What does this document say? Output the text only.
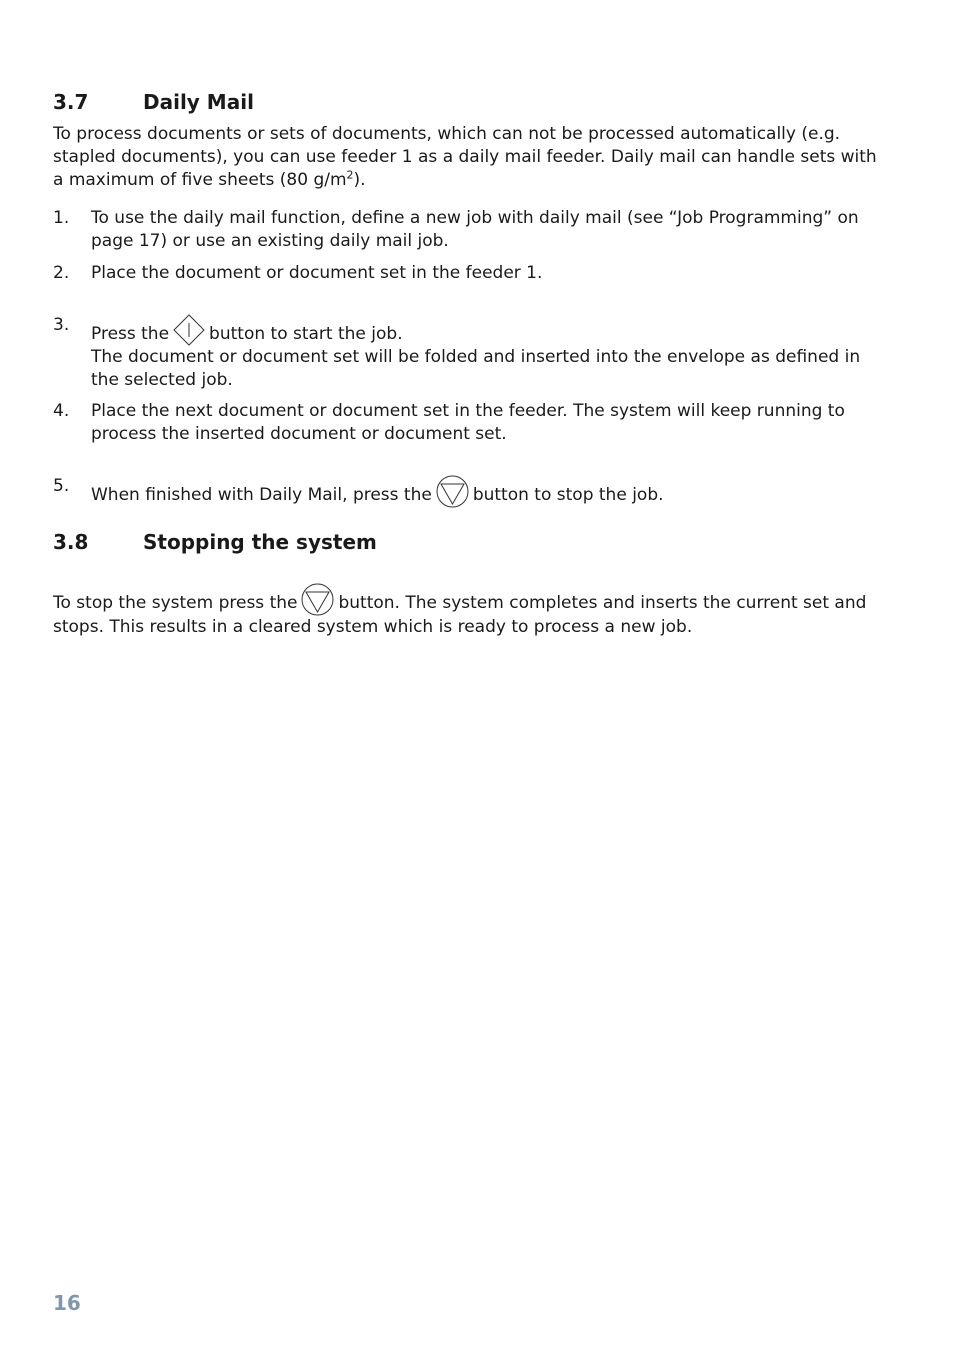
3.7	Daily Mail

To process documents or sets of documents, which can not be processed automatically (e.g. stapled documents), you can use feeder 1 as a daily mail feeder. Daily mail can handle sets with a maximum of five sheets (80 $g/m^2$).

1.	To use the daily mail function, define a new job with daily mail (see “Job Programming” on page 17) or use an existing daily mail job.
2.	Place the document or document set in the feeder 1.
3.	Press the button to start the job.
The document or document set will be folded and inserted into the envelope as defined in the selected job.
4.	Place the next document or document set in the feeder. The system will keep running to process the inserted document or document set.
5.	When finished with Daily Mail, press the button to stop the job.
3.8	Stopping the system

To stop the system press the button. The system completes and inserts the current set and stops. This results in a cleared system which is ready to process a new job.

16
